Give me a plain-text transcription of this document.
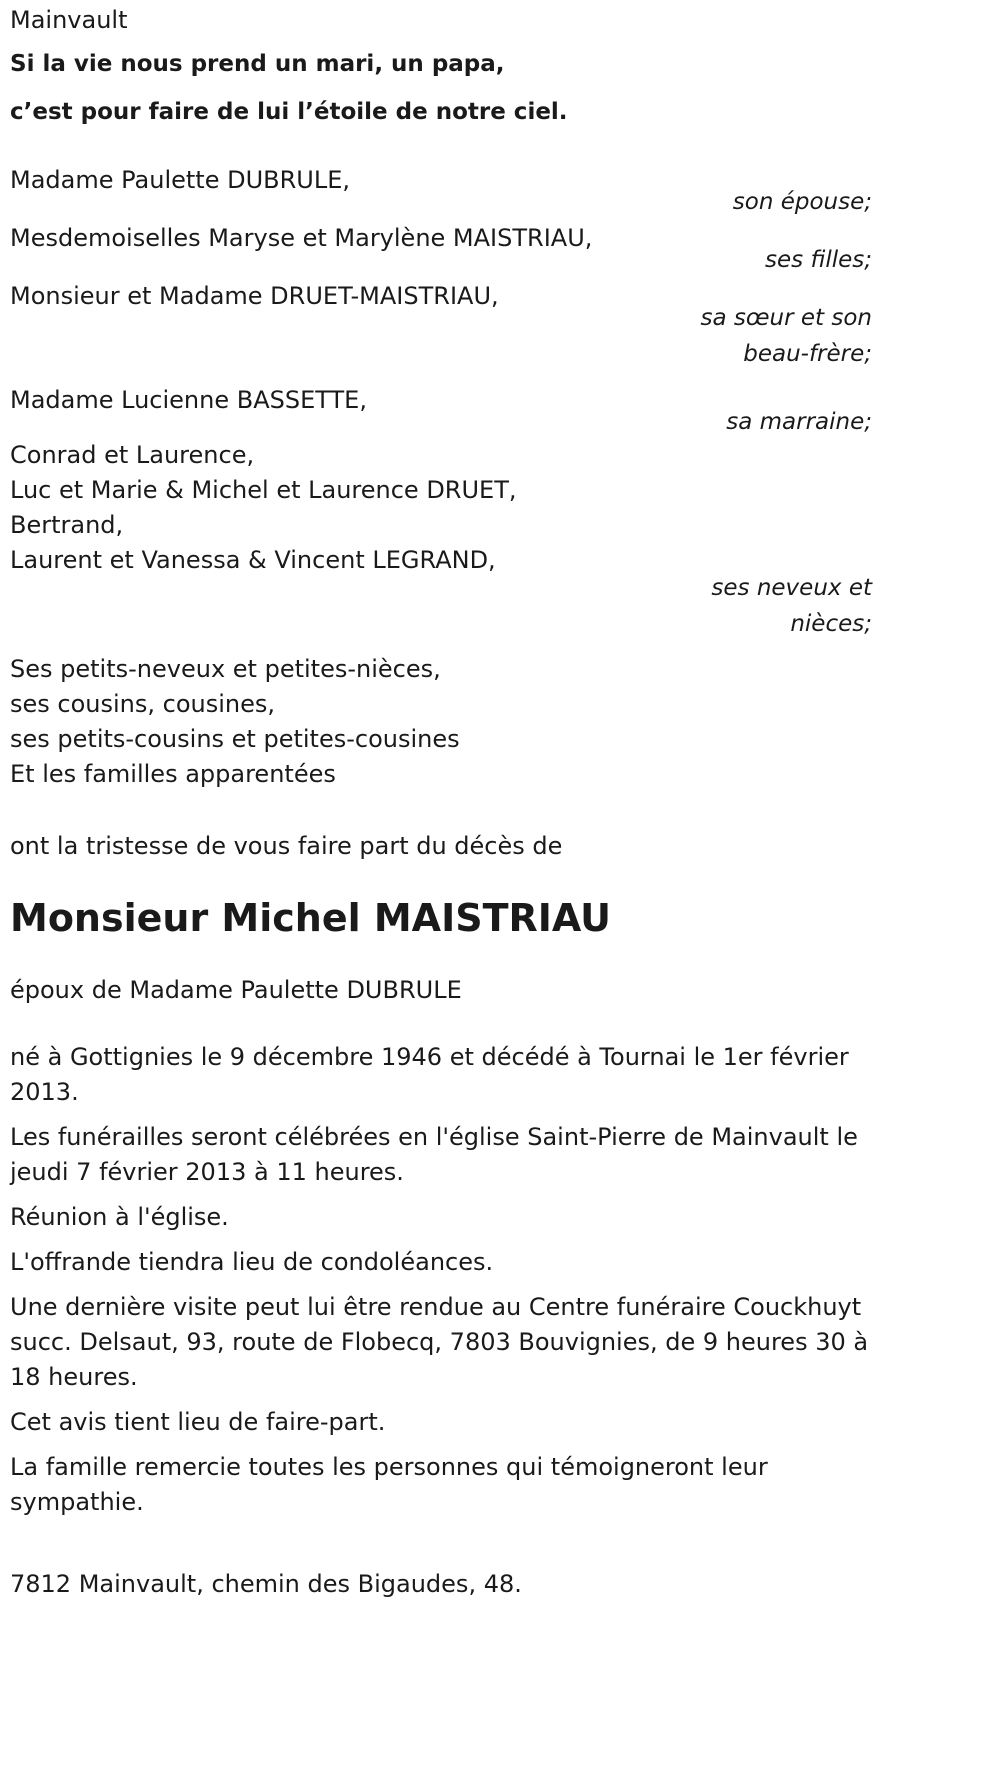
Mainvault

Si la vie nous prend un mari, un papa,

c’est pour faire de lui l’étoile de notre ciel.

Madame Paulette DUBRULE,

son épouse;

Mesdemoiselles Maryse et Marylène MAISTRIAU,

ses filles;

Monsieur et Madame DRUET-MAISTRIAU,

sa sœur et son

beau-frère;

Madame Lucienne BASSETTE,

sa marraine;

Conrad et Laurence,

Luc et Marie & Michel et Laurence DRUET,

Bertrand,

Laurent et Vanessa & Vincent LEGRAND,

ses neveux et

nièces;

Ses petits-neveux et petites-nièces,

ses cousins, cousines,

ses petits-cousins et petites-cousines

Et les familles apparentées

ont la tristesse de vous faire part du décès de

Monsieur Michel MAISTRIAU

époux de Madame Paulette DUBRULE

né à Gottignies le 9 décembre 1946 et décédé à Tournai le 1er février 2013.

Les funérailles seront célébrées en l'église Saint-Pierre de Mainvault le jeudi 7 février 2013 à 11 heures.

Réunion à l'église.

L'offrande tiendra lieu de condoléances.

Une dernière visite peut lui être rendue au Centre funéraire Couckhuyt succ. Delsaut, 93, route de Flobecq, 7803 Bouvignies, de 9 heures 30 à 18 heures.

Cet avis tient lieu de faire-part.

La famille remercie toutes les personnes qui témoigneront leur sympathie.

7812 Mainvault, chemin des Bigaudes, 48.
